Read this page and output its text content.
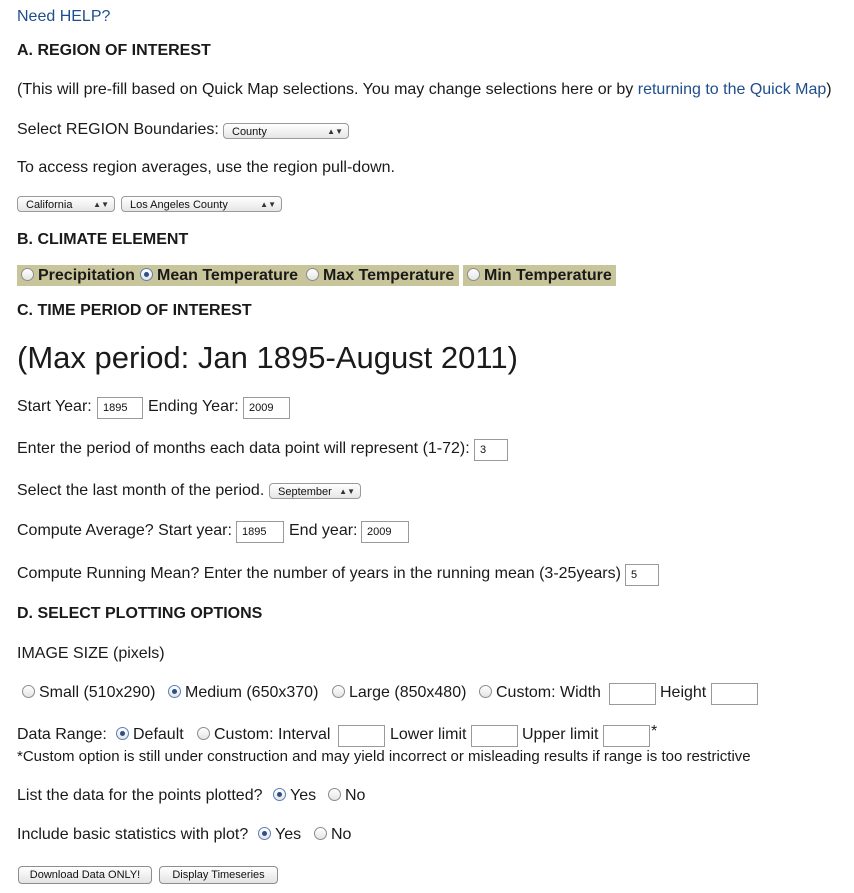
Need HELP?
A. REGION OF INTEREST
(This will pre-fill based on Quick Map selections. You may change selections here or by returning to the Quick Map)
Select REGION Boundaries:	County	▲▼
To access region averages, use the region pull-down.
California	▲▼	Los Angeles County	▲▼
B. CLIMATE ELEMENT
Precipitation	Mean Temperature	Max Temperature	Min Temperature
C. TIME PERIOD OF INTEREST
(Max period: Jan 1895-August 2011)
Start Year:	1895	Ending Year: 2009
Enter the period of months each data point will represent (1-72): 3
Select the last month of the period.	September ▲▼
Compute Average? Start year: 1895	End year: 2009
Compute Running Mean? Enter the number of years in the running mean (3-25years) 5
D. SELECT PLOTTING OPTIONS
IMAGE SIZE (pixels)
Small (510x290)	Medium (650x370)	Large (850x480)	Custom: Width	Height
Data Range:	Default	Custom: Interval	Lower limit	Upper limit	*
*Custom option is still under construction and may yield incorrect or misleading results if range is too restrictive
List the data for the points plotted?	Yes	No
Include basic statistics with plot?	Yes	No
Download Data ONLY!	Display Timeseries
